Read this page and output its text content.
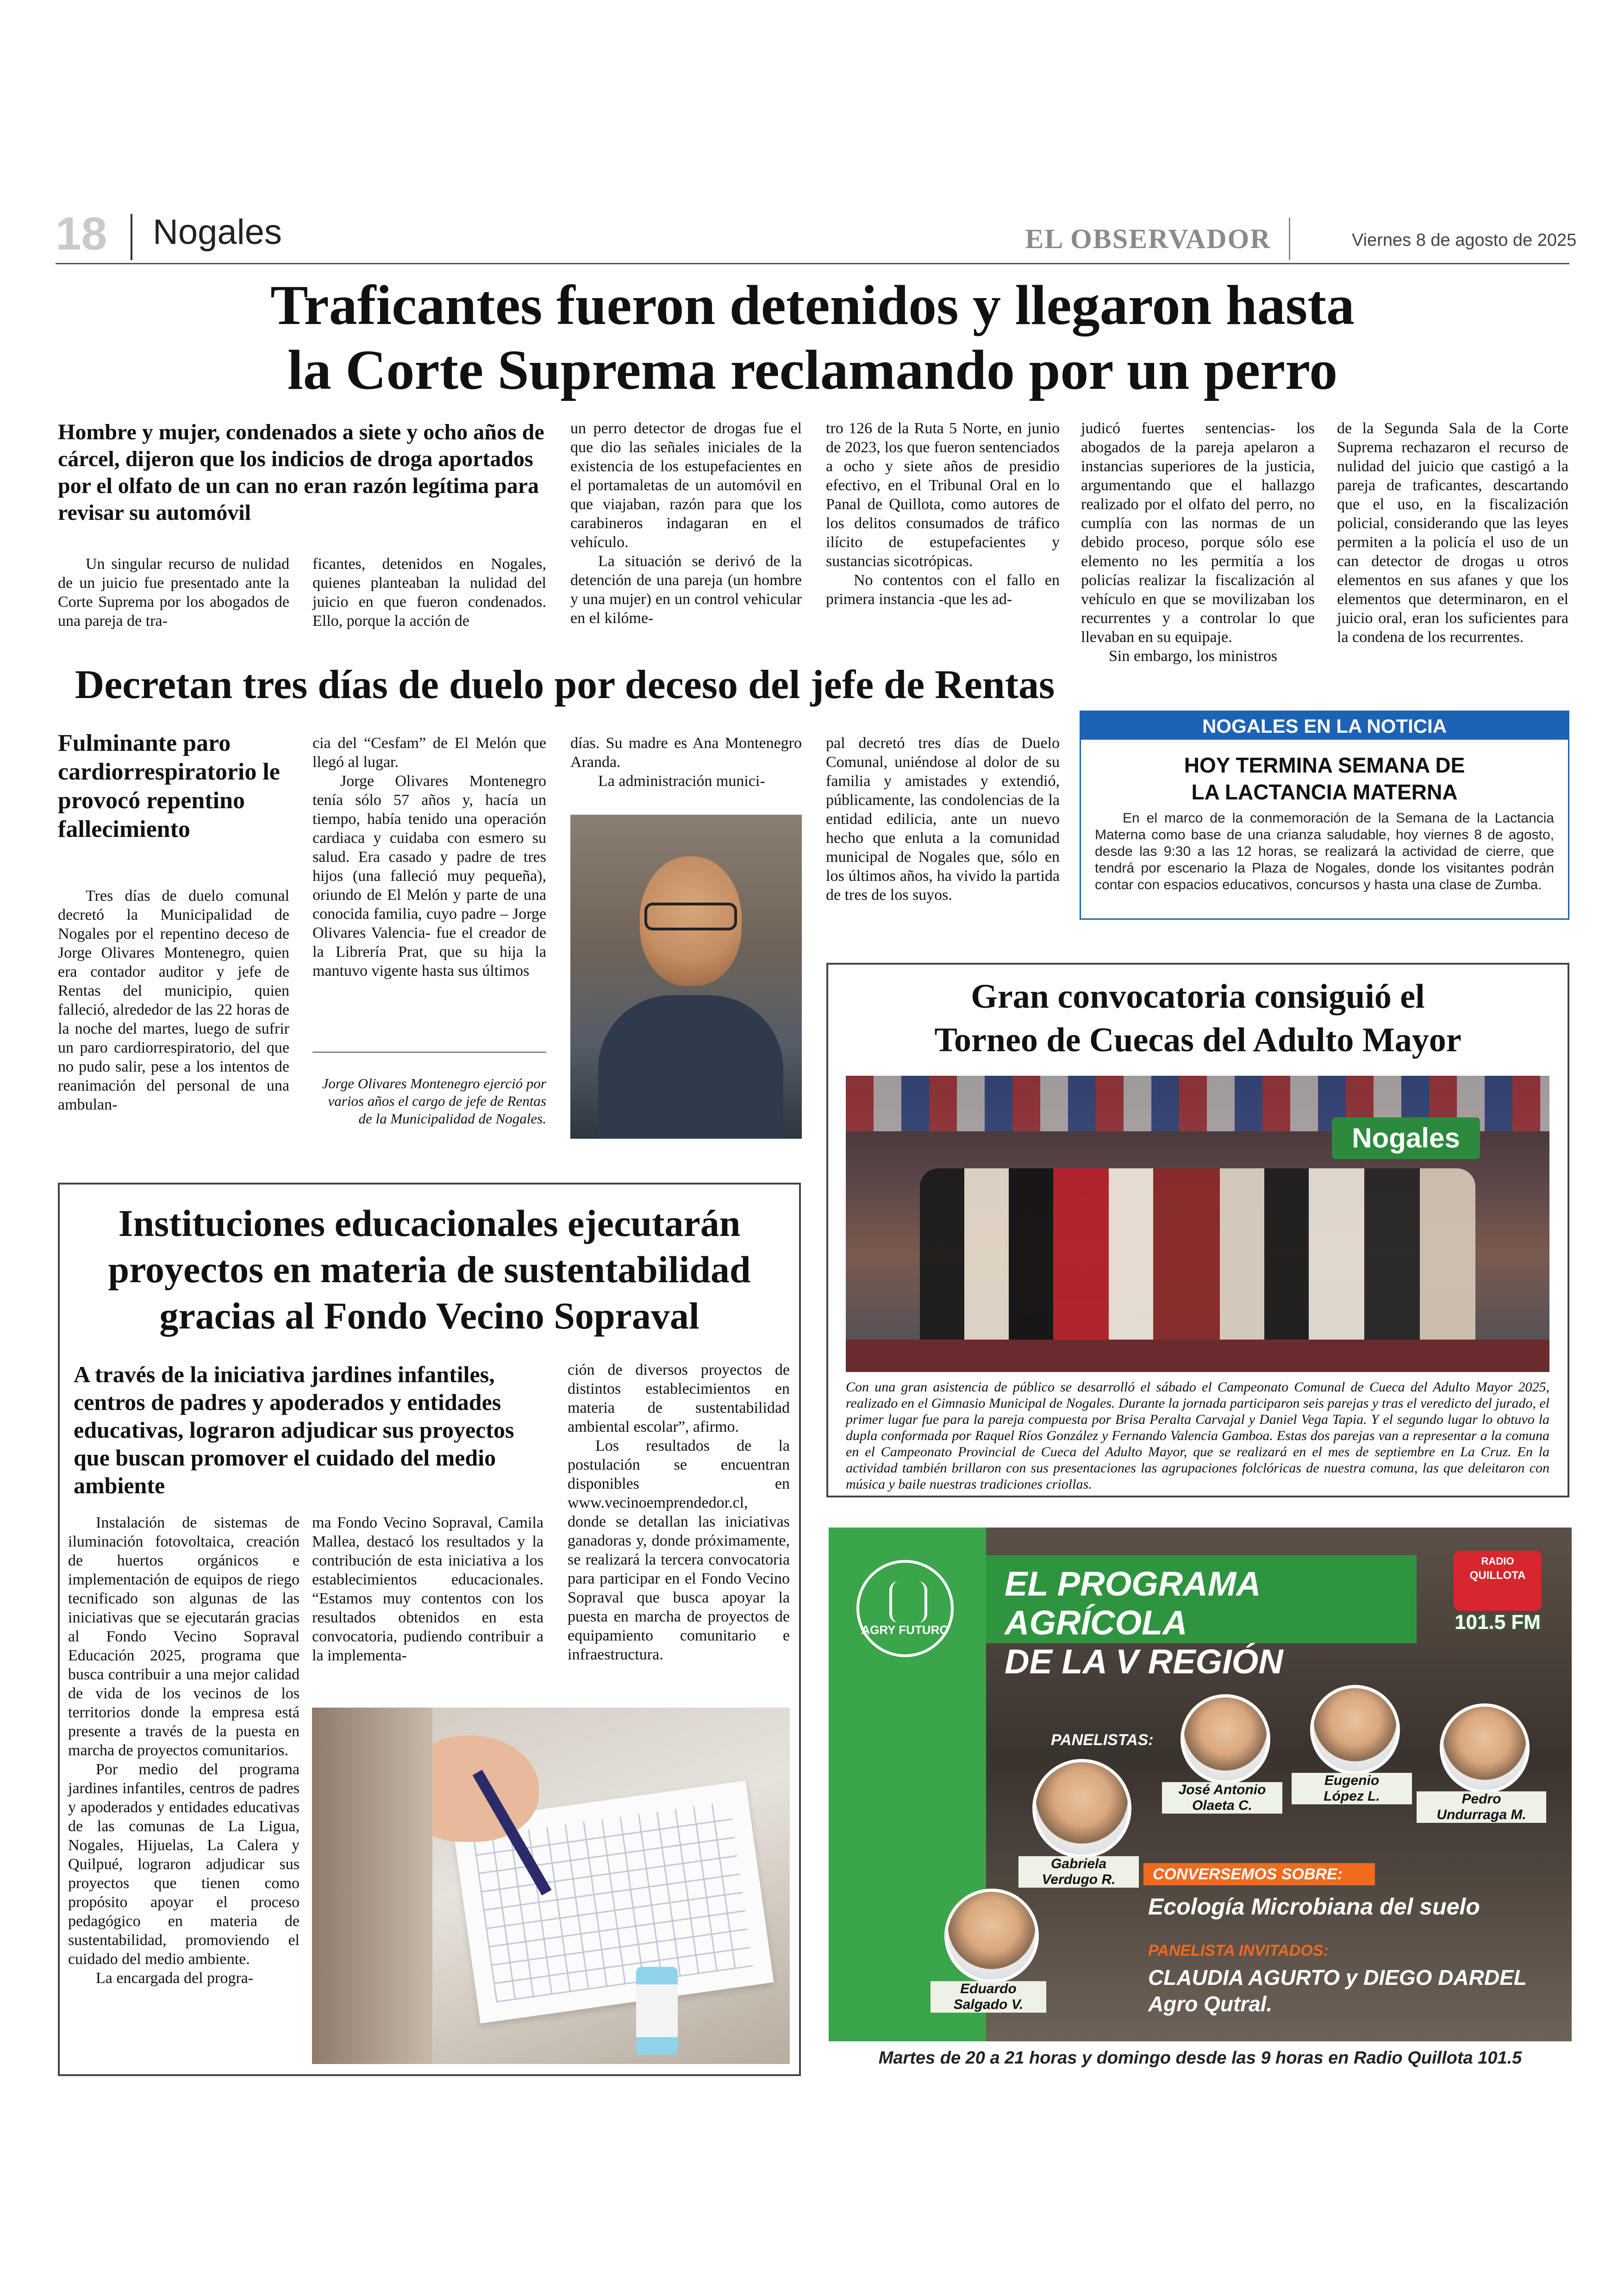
18 Nogales	EL OBSERVADOR	Viernes 8 de agosto de 2025
Traficantes fueron detenidos y llegaron hasta
la Corte Suprema reclamando por un perro
Hombre y mujer, condenados a siete y ocho años de cárcel, dijeron que los indicios de droga aportados por el olfato de un can no eran razón legítima para revisar su automóvil

Un singular recurso de nulidad de un juicio fue presentado ante la Corte Suprema por los abogados de una pareja de tra-

ficantes, detenidos en Nogales, quienes planteaban la nulidad del juicio en que fueron condenados. Ello, porque la acción de

un perro detector de drogas fue el que dio las señales iniciales de la existencia de los estupefacientes en el portamaletas de un automóvil en que viajaban, razón para que los carabineros indagaran en el vehículo.

La situación se derivó de la detención de una pareja (un hombre y una mujer) en un control vehicular en el kilóme-

tro 126 de la Ruta 5 Norte, en junio de 2023, los que fueron sentenciados a ocho y siete años de presidio efectivo, en el Tribunal Oral en lo Panal de Quillota, como autores de los delitos consumados de tráfico ilícito de estupefacientes y sustancias sicotrópicas.

No contentos con el fallo en primera instancia -que les ad-

judicó fuertes sentencias- los abogados de la pareja apelaron a instancias superiores de la justicia, argumentando que el hallazgo realizado por el olfato del perro, no cumplía con las normas de un debido proceso, porque sólo ese elemento no les permitía a los policías realizar la fiscalización al vehículo en que se movilizaban los recurrentes y a controlar lo que llevaban en su equipaje.

Sin embargo, los ministros

de la Segunda Sala de la Corte Suprema rechazaron el recurso de nulidad del juicio que castigó a la pareja de traficantes, descartando que el uso, en la fiscalización policial, considerando que las leyes permiten a la policía el uso de un can detector de drogas u otros elementos en sus afanes y que los elementos que determinaron, en el juicio oral, eran los suficientes para la condena de los recurrentes.

Decretan tres días de duelo por deceso del jefe de Rentas
Fulminante paro cardiorrespiratorio le provocó repentino fallecimiento

Tres días de duelo comunal decretó la Municipalidad de Nogales por el repentino deceso de Jorge Olivares Montenegro, quien era contador auditor y jefe de Rentas del municipio, quien falleció, alrededor de las 22 horas de la noche del martes, luego de sufrir un paro cardiorrespiratorio, del que no pudo salir, pese a los intentos de reanimación del personal de una ambulan-

cia del “Cesfam” de El Melón que llegó al lugar.

Jorge Olivares Montenegro tenía sólo 57 años y, hacía un tiempo, había tenido una operación cardiaca y cuidaba con esmero su salud. Era casado y padre de tres hijos (una falleció muy pequeña), oriundo de El Melón y parte de una conocida familia, cuyo padre – Jorge Olivares Valencia- fue el creador de la Librería Prat, que su hija la mantuvo vigente hasta sus últimos

días. Su madre es Ana Montenegro Aranda.

La administración munici-

pal decretó tres días de Duelo Comunal, uniéndose al dolor de su familia y amistades y extendió, públicamente, las condolencias de la entidad edilicia, ante un nuevo hecho que enluta a la comunidad municipal de Nogales que, sólo en los últimos años, ha vivido la partida de tres de los suyos.

Jorge Olivares Montenegro ejerció por varios años el cargo de jefe de Rentas de la Municipalidad de Nogales.
NOGALES EN LA NOTICIA
HOY TERMINA SEMANA DE
LA LACTANCIA MATERNA
En el marco de la conmemoración de la Semana de la Lactancia Materna como base de una crianza saludable, hoy viernes 8 de agosto, desde las 9:30 a las 12 horas, se realizará la actividad de cierre, que tendrá por escenario la Plaza de Nogales, donde los visitantes podrán contar con espacios educativos, concursos y hasta una clase de Zumba.
Gran convocatoria consiguió el
Torneo de Cuecas del Adulto Mayor
Nogales
Con una gran asistencia de público se desarrolló el sábado el Campeonato Comunal de Cueca del Adulto Mayor 2025, realizado en el Gimnasio Municipal de Nogales. Durante la jornada participaron seis parejas y tras el veredicto del jurado, el primer lugar fue para la pareja compuesta por Brisa Peralta Carvajal y Daniel Vega Tapia. Y el segundo lugar lo obtuvo la dupla conformada por Raquel Ríos González y Fernando Valencia Gamboa. Estas dos parejas van a representar a la comuna en el Campeonato Provincial de Cueca del Adulto Mayor, que se realizará en el mes de septiembre en La Cruz. En la actividad también brillaron con sus presentaciones las agrupaciones folclóricas de nuestra comuna, las que deleitaron con música y baile nuestras tradiciones criollas.
Instituciones educacionales ejecutarán
proyectos en materia de sustentabilidad
gracias al Fondo Vecino Sopraval
A través de la iniciativa jardines infantiles, centros de padres y apoderados y entidades educativas, lograron adjudicar sus proyectos que buscan promover el cuidado del medio ambiente

Instalación de sistemas de iluminación fotovoltaica, creación de huertos orgánicos e implementación de equipos de riego tecnificado son algunas de las iniciativas que se ejecutarán gracias al Fondo Vecino Sopraval Educación 2025, programa que busca contribuir a una mejor calidad de vida de los vecinos de los territorios donde la empresa está presente a través de la puesta en marcha de proyectos comunitarios.

Por medio del programa jardines infantiles, centros de padres y apoderados y entidades educativas de las comunas de La Ligua, Nogales, Hijuelas, La Calera y Quilpué, lograron adjudicar sus proyectos que tienen como propósito apoyar el proceso pedagógico en materia de sustentabilidad, promoviendo el cuidado del medio ambiente.

La encargada del progra-

ma Fondo Vecino Sopraval, Camila Mallea, destacó los resultados y la contribución de esta iniciativa a los establecimientos educacionales. “Estamos muy contentos con los resultados obtenidos en esta convocatoria, pudiendo contribuir a la implementa-

ción de diversos proyectos de distintos establecimientos en materia de sustentabilidad ambiental escolar”, afirmo.

Los resultados de la postulación se encuentran disponibles en www.vecinoemprendedor.cl, donde se detallan las iniciativas ganadoras y, donde próximamente, se realizará la tercera convocatoria para participar en el Fondo Vecino Sopraval que busca apoyar la puesta en marcha de proyectos de equipamiento comunitario e infraestructura.

AGRY FUTURO
EL PROGRAMA AGRÍCOLA
DE LA V REGIÓN
RADIO
QUILLOTA
101.5 FM
PANELISTAS:
José Antonio
Olaeta C.
Eugenio
López L.	Pedro
Undurraga M.
Gabriela
Verdugo R.
Eduardo
Salgado V.
CONVERSEMOS SOBRE:
Ecología Microbiana del suelo
PANELISTA INVITADOS:
CLAUDIA AGURTO y DIEGO DARDEL
Agro Qutral.
Martes de 20 a 21 horas y domingo desde las 9 horas en Radio Quillota 101.5
